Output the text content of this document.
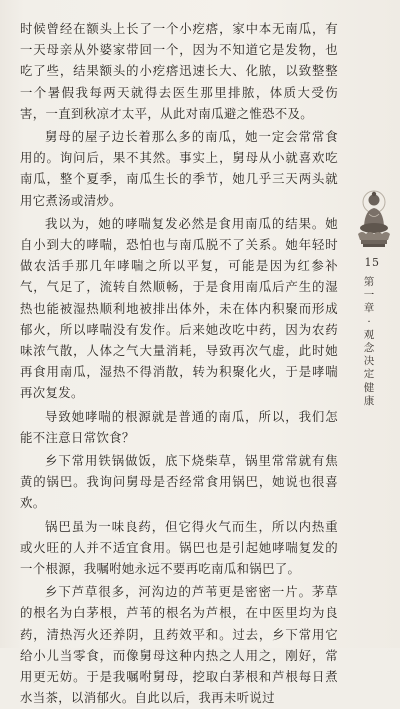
时候曾经在额头上长了一个小疙瘩，家中本无南瓜，有一天母亲从外婆家带回一个，因为不知道它是发物，也吃了些，结果额头的小疙瘩迅速长大、化脓，以致整整一个暑假我每两天就得去医生那里排脓，体质大受伤害，一直到秋凉才太平，从此对南瓜避之惟恐不及。

舅母的屋子边长着那么多的南瓜，她一定会常常食用的。询问后，果不其然。事实上，舅母从小就喜欢吃南瓜，整个夏季，南瓜生长的季节，她几乎三天两头就用它煮汤或清炒。

我以为，她的哮喘复发必然是食用南瓜的结果。她自小到大的哮喘，恐怕也与南瓜脱不了关系。她年轻时做农活手那几年哮喘之所以平复，可能是因为红参补气，气足了，流转自然顺畅，于是食用南瓜后产生的湿热也能被湿热顺利地被排出体外，未在体内积聚而形成郁火，所以哮喘没有发作。后来她改吃中药，因为农药味浓气散，人体之气大量消耗，导致再次气虚，此时她再食用南瓜，湿热不得消散，转为积聚化火，于是哮喘再次复发。

导致她哮喘的根源就是普通的南瓜，所以，我们怎能不注意日常饮食？

乡下常用铁锅做饭，底下烧柴草，锅里常常就有焦黄的锅巴。我询问舅母是否经常食用锅巴，她说也很喜欢。

锅巴虽为一味良药，但它得火气而生，所以内热重或火旺的人并不适宜食用。锅巴也是引起她哮喘复发的一个根源，我嘱咐她永远不要再吃南瓜和锅巴了。

乡下芦草很多，河沟边的芦苇更是密密一片。茅草的根名为白茅根，芦苇的根名为芦根，在中医里均为良药，清热泻火还养阴，且药效平和。过去，乡下常用它给小儿当零食，而像舅母这种内热之人用之，刚好，常用更无妨。于是我嘱咐舅母，挖取白茅根和芦根每日煮水当茶，以消郁火。自此以后，我再未听说过

15
第
一
章
·
观
念
决
定
健
康
